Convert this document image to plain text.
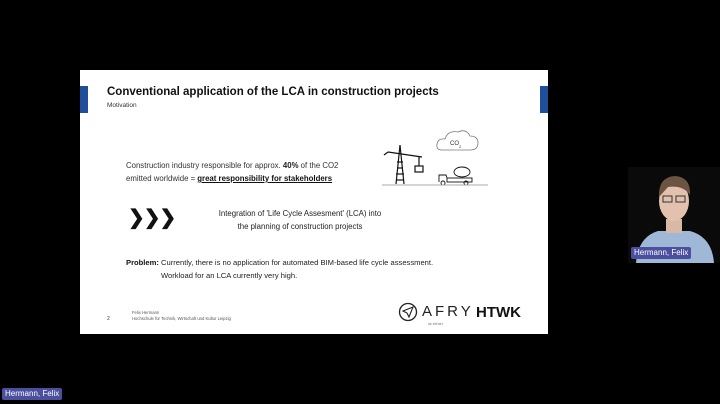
Conventional application of the LCA in construction projects
Motivation
Construction industry responsible for approx. 40% of the CO2
emitted worldwide = great responsibility for stakeholders
CO 2
❯❯❯	Integration of 'Life Cycle Assesment' (LCA) into
the planning of construction projects
Problem: Currently, there is no application for automated BIM-based life cycle assessment.
Workload for an LCA currently very high.
2
Felix Hermann
Hochschule für Technik, Wirtschaft und Kultur Leipzig	AFRY
ÅF·PÖYRY
HTWK
Hermann, Felix
Hermann, Felix
